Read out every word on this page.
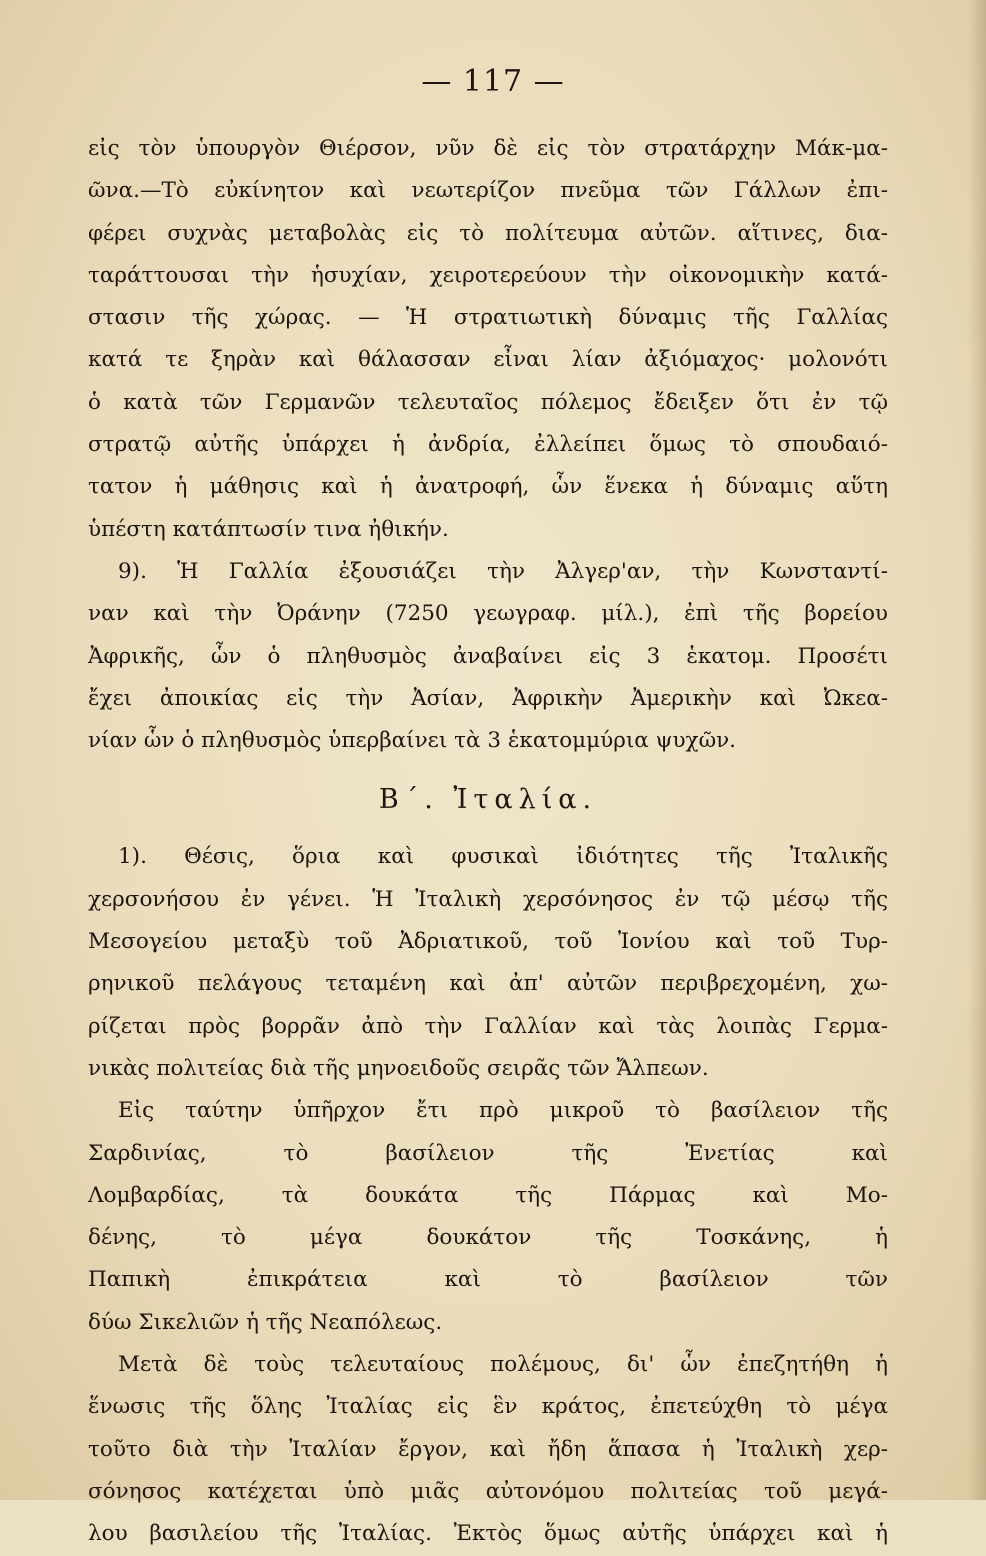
— 117 —
εἰς τὸν ὑπουργὸν Θιέρσον, νῦν δὲ εἰς τὸν στρατάρχην Μάκ-μα-
ῶνα.—Τὸ εὐκίνητον καὶ νεωτερίζον πνεῦμα τῶν Γάλλων ἐπι-
φέρει συχνὰς μεταβολὰς εἰς τὸ πολίτευμα αὐτῶν. αἵτινες, δια-
ταράττουσαι τὴν ἡσυχίαν, χειροτερεύουν τὴν οἰκονομικὴν κατά-
στασιν τῆς χώρας. — Ἡ στρατιωτικὴ δύναμις τῆς Γαλλίας
κατά τε ξηρὰν καὶ θάλασσαν εἶναι λίαν ἀξιόμαχος· μολονότι
ὁ κατὰ τῶν Γερμανῶν τελευταῖος πόλεμος ἔδειξεν ὅτι ἐν τῷ
στρατῷ αὐτῆς ὑπάρχει ἡ ἀνδρία, ἐλλείπει ὅμως τὸ σπουδαιό-
τατον ἡ μάθησις καὶ ἡ ἀνατροφή, ὧν ἕνεκα ἡ δύναμις αὕτη
ὑπέστη κατάπτωσίν τινα ἠθικήν.
9). Ἡ Γαλλία ἐξουσιάζει τὴν Ἀλγερ'αν, τὴν Κωνσταντί-
ναν καὶ τὴν Ὀράνην (7250 γεωγραφ. μίλ.), ἐπὶ τῆς βορείου
Ἀφρικῆς, ὧν ὁ πληθυσμὸς ἀναβαίνει εἰς 3 ἑκατομ. Προσέτι
ἔχει ἀποικίας εἰς τὴν Ἀσίαν, Ἀφρικὴν Ἀμερικὴν καὶ Ὠκεα-
νίαν ὧν ὁ πληθυσμὸς ὑπερβαίνει τὰ 3 ἑκατομμύρια ψυχῶν.
Β΄. Ἰταλία.
1). Θέσις, ὅρια καὶ φυσικαὶ ἰδιότητες τῆς Ἰταλικῆς
χερσονήσου ἐν γένει. Ἡ Ἰταλικὴ χερσόνησος ἐν τῷ μέσῳ τῆς
Μεσογείου μεταξὺ τοῦ Ἀδριατικοῦ, τοῦ Ἰονίου καὶ τοῦ Τυρ-
ρηνικοῦ πελάγους τεταμένη καὶ ἀπ' αὐτῶν περιβρεχομένη, χω-
ρίζεται πρὸς βορρᾶν ἀπὸ τὴν Γαλλίαν καὶ τὰς λοιπὰς Γερμα-
νικὰς πολιτείας διὰ τῆς μηνοειδοῦς σειρᾶς τῶν Ἄλπεων.
Εἰς ταύτην ὑπῆρχον ἔτι πρὸ μικροῦ τὸ βασίλειον τῆς
Σαρδινίας, τὸ βασίλειον τῆς Ἐνετίας καὶ
Λομβαρδίας, τὰ δουκάτα τῆς Πάρμας καὶ Μο-
δένης, τὸ μέγα δουκάτον τῆς Τοσκάνης, ἡ
Παπικὴ ἐπικράτεια καὶ τὸ βασίλειον τῶν
δύω Σικελιῶν ἡ τῆς Νεαπόλεως.
Μετὰ δὲ τοὺς τελευταίους πολέμους, δι' ὧν ἐπεζητήθη ἡ
ἕνωσις τῆς ὅλης Ἰταλίας εἰς ἓν κράτος, ἐπετεύχθη τὸ μέγα
τοῦτο διὰ τὴν Ἰταλίαν ἔργον, καὶ ἤδη ἅπασα ἡ Ἰταλικὴ χερ-
σόνησος κατέχεται ὑπὸ μιᾶς αὐτονόμου πολιτείας τοῦ μεγά-
λου βασιλείου τῆς Ἰταλίας. Ἐκτὸς ὅμως αὐτῆς ὑπάρχει καὶ ἡ
